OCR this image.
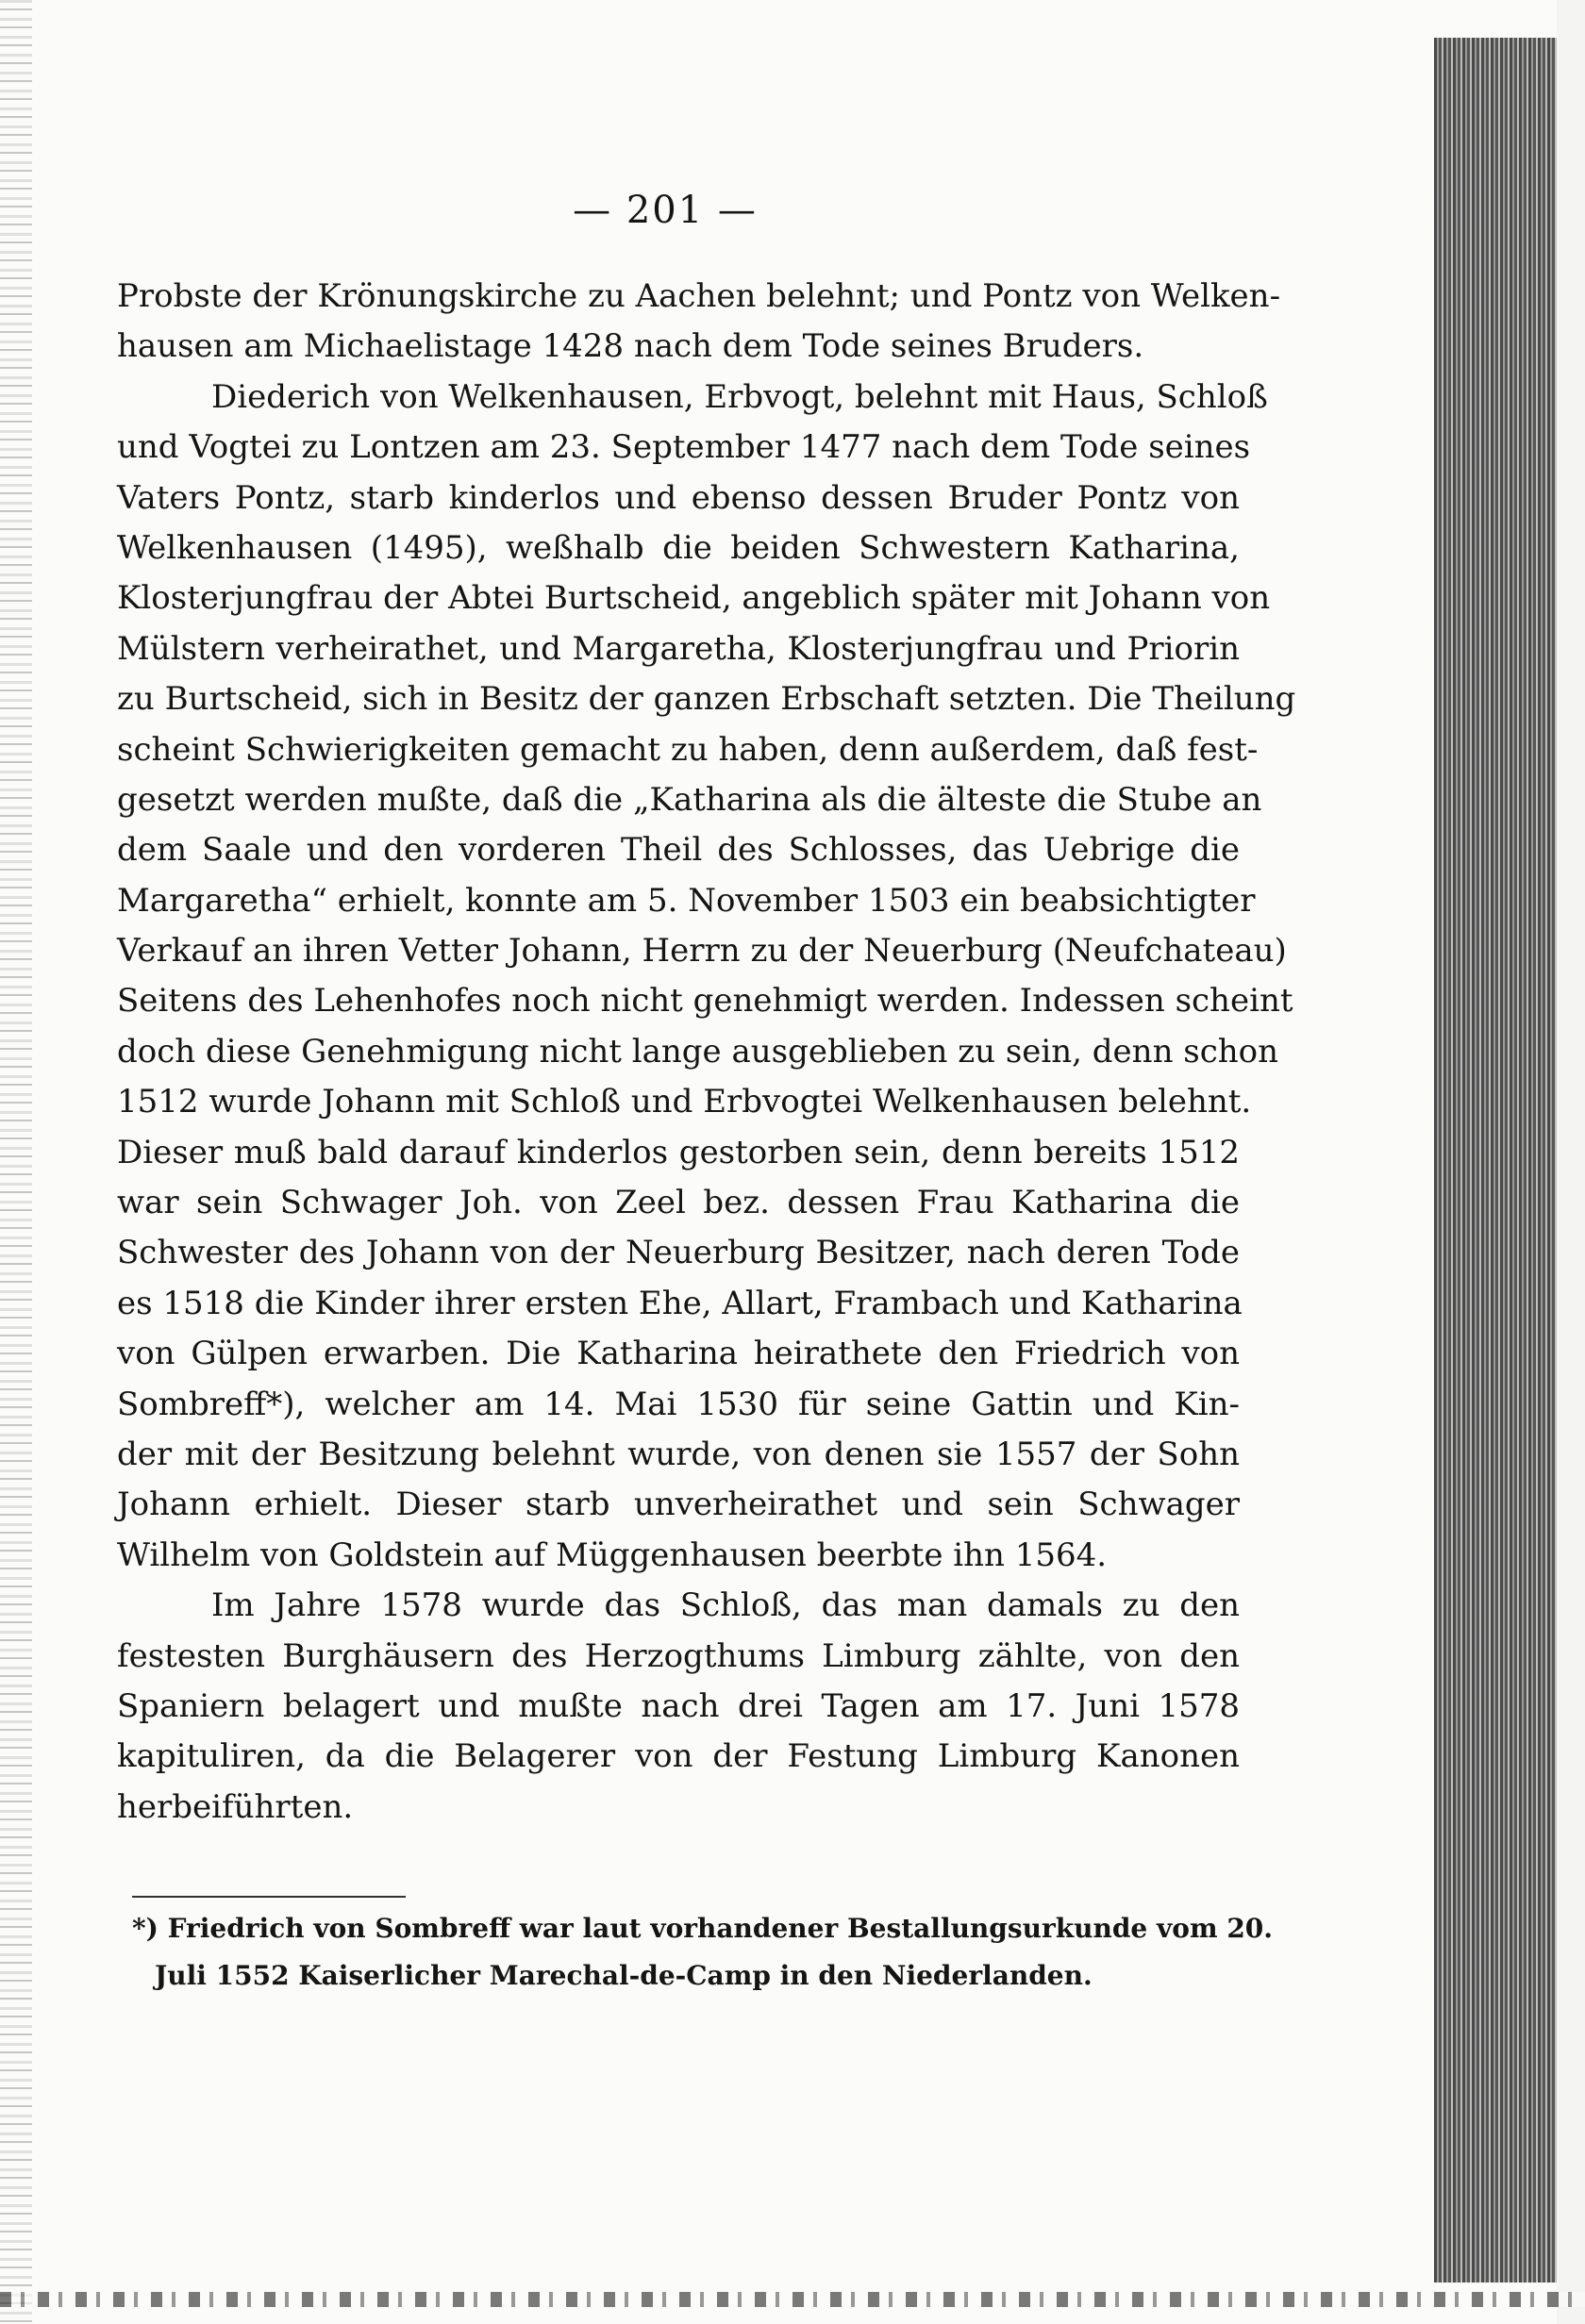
— 201 —
Probste der Krönungskirche zu Aachen belehnt; und Pontz von Welken-
hausen am Michaelistage 1428 nach dem Tode seines Bruders.
Diederich von Welkenhausen, Erbvogt, belehnt mit Haus, Schloß
und Vogtei zu Lontzen am 23. September 1477 nach dem Tode seines
Vaters Pontz, starb kinderlos und ebenso dessen Bruder Pontz von
Welkenhausen (1495), weßhalb die beiden Schwestern Katharina,
Klosterjungfrau der Abtei Burtscheid, angeblich später mit Johann von
Mülstern verheirathet, und Margaretha, Klosterjungfrau und Priorin
zu Burtscheid, sich in Besitz der ganzen Erbschaft setzten. Die Theilung
scheint Schwierigkeiten gemacht zu haben, denn außerdem, daß fest-
gesetzt werden mußte, daß die „Katharina als die älteste die Stube an
dem Saale und den vorderen Theil des Schlosses, das Uebrige die
Margaretha“ erhielt, konnte am 5. November 1503 ein beabsichtigter
Verkauf an ihren Vetter Johann, Herrn zu der Neuerburg (Neufchateau)
Seitens des Lehenhofes noch nicht genehmigt werden. Indessen scheint
doch diese Genehmigung nicht lange ausgeblieben zu sein, denn schon
1512 wurde Johann mit Schloß und Erbvogtei Welkenhausen belehnt.
Dieser muß bald darauf kinderlos gestorben sein, denn bereits 1512
war sein Schwager Joh. von Zeel bez. dessen Frau Katharina die
Schwester des Johann von der Neuerburg Besitzer, nach deren Tode
es 1518 die Kinder ihrer ersten Ehe, Allart, Frambach und Katharina
von Gülpen erwarben. Die Katharina heirathete den Friedrich von
Sombreff*), welcher am 14. Mai 1530 für seine Gattin und Kin-
der mit der Besitzung belehnt wurde, von denen sie 1557 der Sohn
Johann erhielt. Dieser starb unverheirathet und sein Schwager
Wilhelm von Goldstein auf Müggenhausen beerbte ihn 1564.
Im Jahre 1578 wurde das Schloß, das man damals zu den
festesten Burghäusern des Herzogthums Limburg zählte, von den
Spaniern belagert und mußte nach drei Tagen am 17. Juni 1578
kapituliren, da die Belagerer von der Festung Limburg Kanonen
herbeiführten.
*) Friedrich von Sombreff war laut vorhandener Bestallungsurkunde vom 20.
Juli 1552 Kaiserlicher Marechal-de-Camp in den Niederlanden.
